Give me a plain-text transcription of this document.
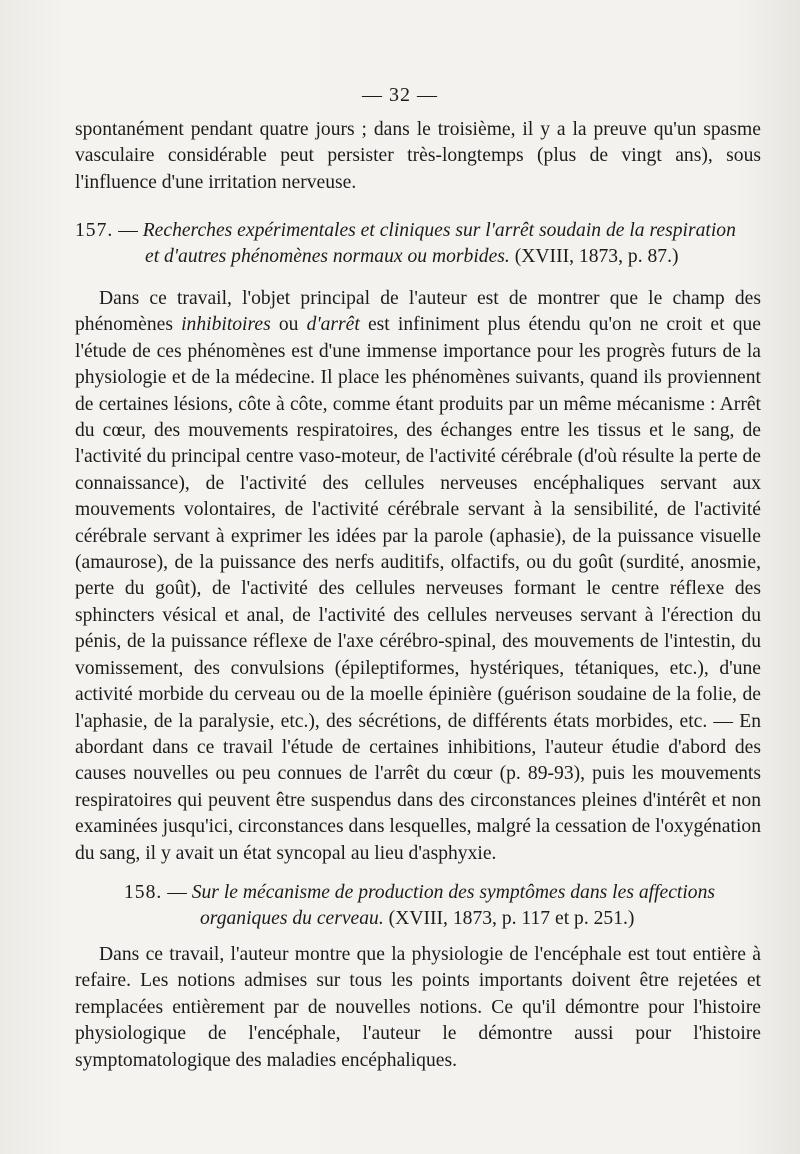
— 32 —

spontanément pendant quatre jours ; dans le troisième, il y a la preuve qu'un spasme vasculaire considérable peut persister très-longtemps (plus de vingt ans), sous l'influence d'une irritation nerveuse.

157. — Recherches expérimentales et cliniques sur l'arrêt soudain de la respiration
et d'autres phénomènes normaux ou morbides. (XVIII, 1873, p. 87.)

Dans ce travail, l'objet principal de l'auteur est de montrer que le champ des phénomènes inhibitoires ou d'arrêt est infiniment plus étendu qu'on ne croit et que l'étude de ces phénomènes est d'une immense importance pour les progrès futurs de la physiologie et de la médecine. Il place les phénomènes suivants, quand ils proviennent de certaines lésions, côte à côte, comme étant produits par un même mécanisme : Arrêt du cœur, des mouvements respiratoires, des échanges entre les tissus et le sang, de l'activité du principal centre vaso-moteur, de l'activité cérébrale (d'où résulte la perte de connaissance), de l'activité des cellules nerveuses encéphaliques servant aux mouvements volontaires, de l'activité cérébrale servant à la sensibilité, de l'activité cérébrale servant à exprimer les idées par la parole (aphasie), de la puissance visuelle (amaurose), de la puissance des nerfs auditifs, olfactifs, ou du goût (surdité, anosmie, perte du goût), de l'activité des cellules nerveuses formant le centre réflexe des sphincters vésical et anal, de l'activité des cellules nerveuses servant à l'érection du pénis, de la puissance réflexe de l'axe cérébro-spinal, des mouvements de l'intestin, du vomissement, des convulsions (épileptiformes, hystériques, tétaniques, etc.), d'une activité morbide du cerveau ou de la moelle épinière (guérison soudaine de la folie, de l'aphasie, de la paralysie, etc.), des sécrétions, de différents états morbides, etc. — En abordant dans ce travail l'étude de certaines inhibitions, l'auteur étudie d'abord des causes nouvelles ou peu connues de l'arrêt du cœur (p. 89-93), puis les mouvements respiratoires qui peuvent être suspendus dans des circonstances pleines d'intérêt et non examinées jusqu'ici, circonstances dans lesquelles, malgré la cessation de l'oxygénation du sang, il y avait un état syncopal au lieu d'asphyxie.

158. — Sur le mécanisme de production des symptômes dans les affections
organiques du cerveau. (XVIII, 1873, p. 117 et p. 251.)

Dans ce travail, l'auteur montre que la physiologie de l'encéphale est tout entière à refaire. Les notions admises sur tous les points importants doivent être rejetées et remplacées entièrement par de nouvelles notions. Ce qu'il démontre pour l'histoire physiologique de l'encéphale, l'auteur le démontre aussi pour l'histoire symptomatologique des maladies encéphaliques.
